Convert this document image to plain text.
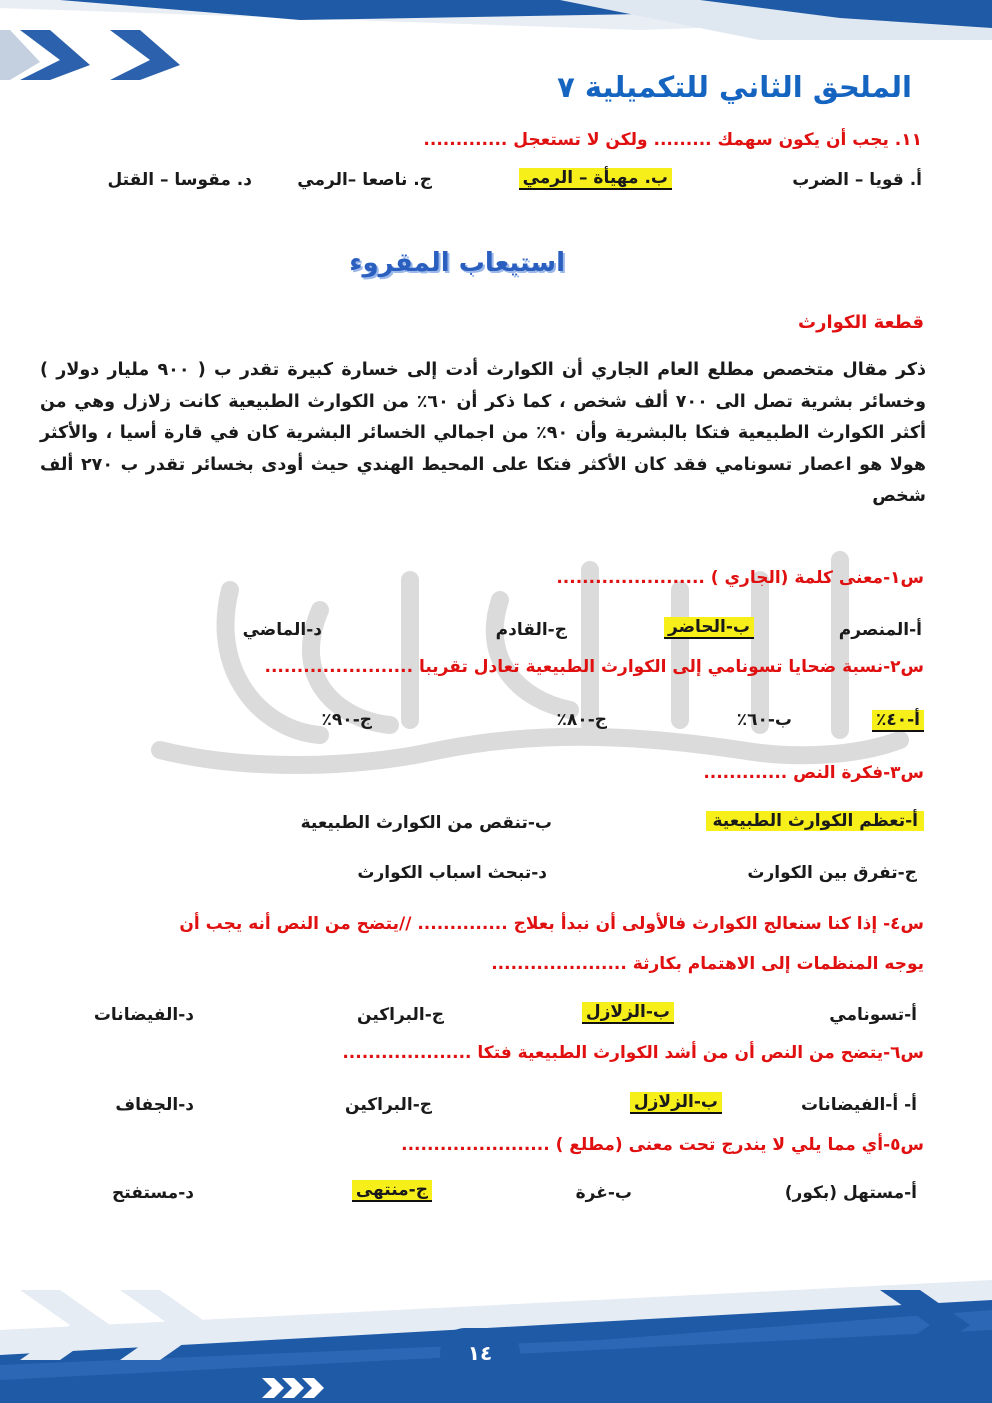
١٤
الملحق الثاني للتكميلية ٧
١١. يجب أن يكون سهمك ......... ولكن لا تستعجل .............
أ. قويا – الضرب
ب. مهيأة – الرمي
ج. ناصعا –الرمي
د. مقوسا – القتل
استيعاب المقروء
قطعة الكوارث
ذكر مقال متخصص مطلع العام الجاري أن الكوارث أدت إلى خسارة كبيرة تقدر ب ( ٩٠٠ مليار دولار ) وخسائر بشرية تصل الى ٧٠٠ ألف شخص ، كما ذكر أن ٦٠٪ من الكوارث الطبيعية كانت زلازل وهي من أكثر الكوارث الطبيعية فتكا بالبشرية وأن ٩٠٪ من اجمالي الخسائر البشرية كان في قارة أسيا ، والأكثر هولا هو اعصار تسونامي فقد كان الأكثر فتكا على المحيط الهندي حيث أودى بخسائر تقدر ب ٢٧٠ ألف شخص
س١-معنى كلمة (الجاري ) .......................
أ-المنصرم
ب-الحاضر
ج-القادم
د-الماضي
س٢-نسبة ضحايا تسونامي إلى الكوارث الطبيعية تعادل تقريبا .......................
أ-٤٠٪
ب-٦٠٪
ج-٨٠٪
ج-٩٠٪
س٣-فكرة النص .............
أ-تعظم الكوارث الطبيعية
ب-تنقص من الكوارث الطبيعية
ج-تفرق بين الكوارث
د-تبحث اسباب الكوارث
س٤- إذا كنا سنعالج الكوارث فالأولى أن نبدأ بعلاج .............. //يتضح من النص أنه يجب أن
يوجه المنظمات إلى الاهتمام بكارثة .....................
أ-تسونامي
ب-الزلازل
ج-البراكين
د-الفيضانات
س٦-يتضح من النص أن من أشد الكوارث الطبيعية فتكا ....................
أ- أ-الفيضانات
ب-الزلازل
ج-البراكين
د-الجفاف
س٥-أي مما يلي لا يندرج تحت معنى (مطلع ) .......................
أ-مستهل (بكور)
ب-غرة
ج-منتهى
د-مستفتح
